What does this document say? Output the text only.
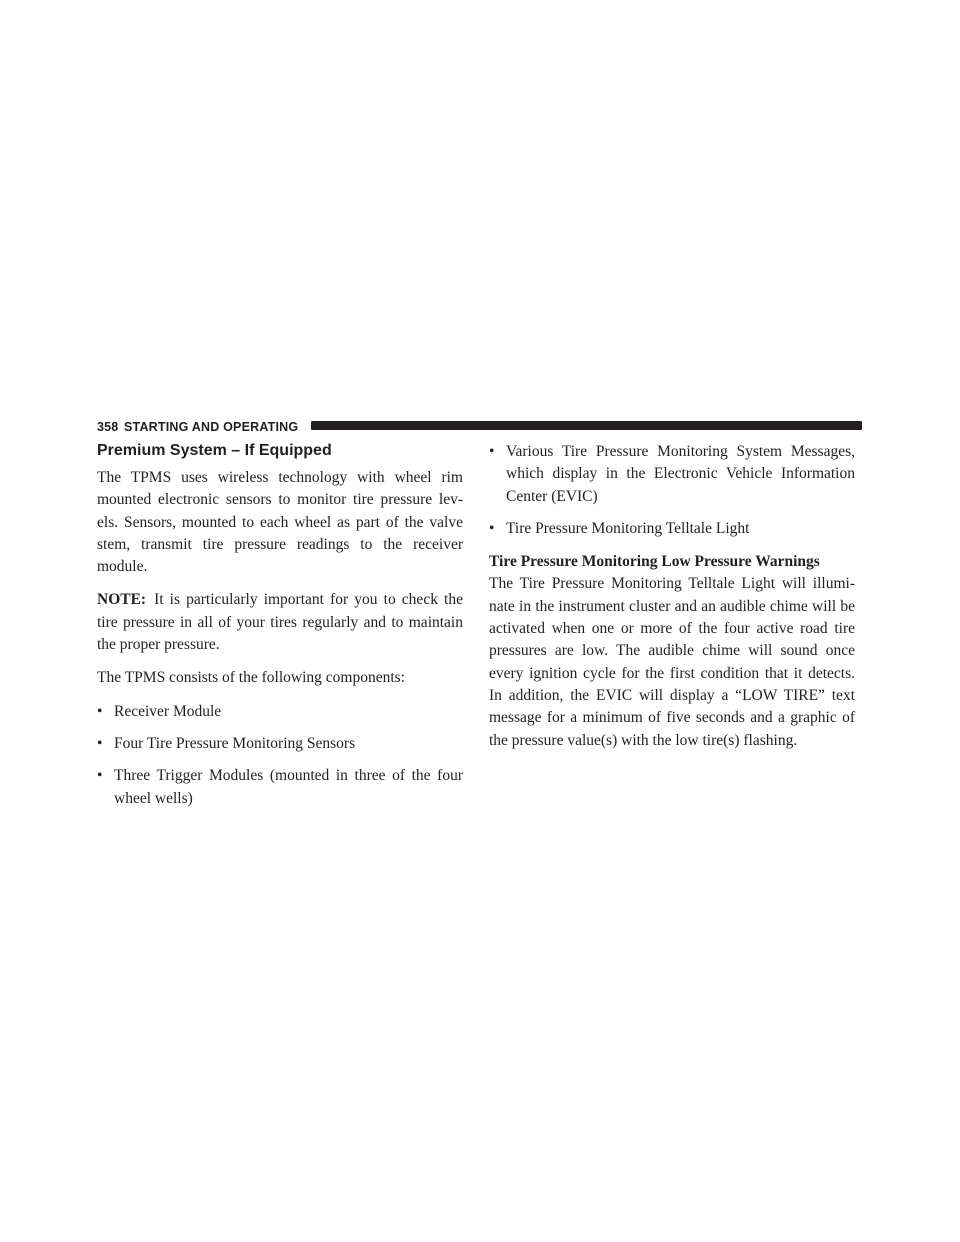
358 STARTING AND OPERATING
Premium System – If Equipped

The TPMS uses wireless technology with wheel rim mounted electronic sensors to monitor tire pressure lev-els. Sensors, mounted to each wheel as part of the valve stem, transmit tire pressure readings to the receiver module.

NOTE: It is particularly important for you to check the tire pressure in all of your tires regularly and to maintain the proper pressure.

The TPMS consists of the following components:

• Receiver Module
• Four Tire Pressure Monitoring Sensors
• Three Trigger Modules (mounted in three of the four wheel wells)
• Various Tire Pressure Monitoring System Messages, which display in the Electronic Vehicle Information Center (EVIC)
• Tire Pressure Monitoring Telltale Light
Tire Pressure Monitoring Low Pressure Warnings

The Tire Pressure Monitoring Telltale Light will illumi-nate in the instrument cluster and an audible chime will be activated when one or more of the four active road tire pressures are low. The audible chime will sound once every ignition cycle for the first condition that it detects. In addition, the EVIC will display a “LOW TIRE” text message for a minimum of five seconds and a graphic of the pressure value(s) with the low tire(s) flashing.
